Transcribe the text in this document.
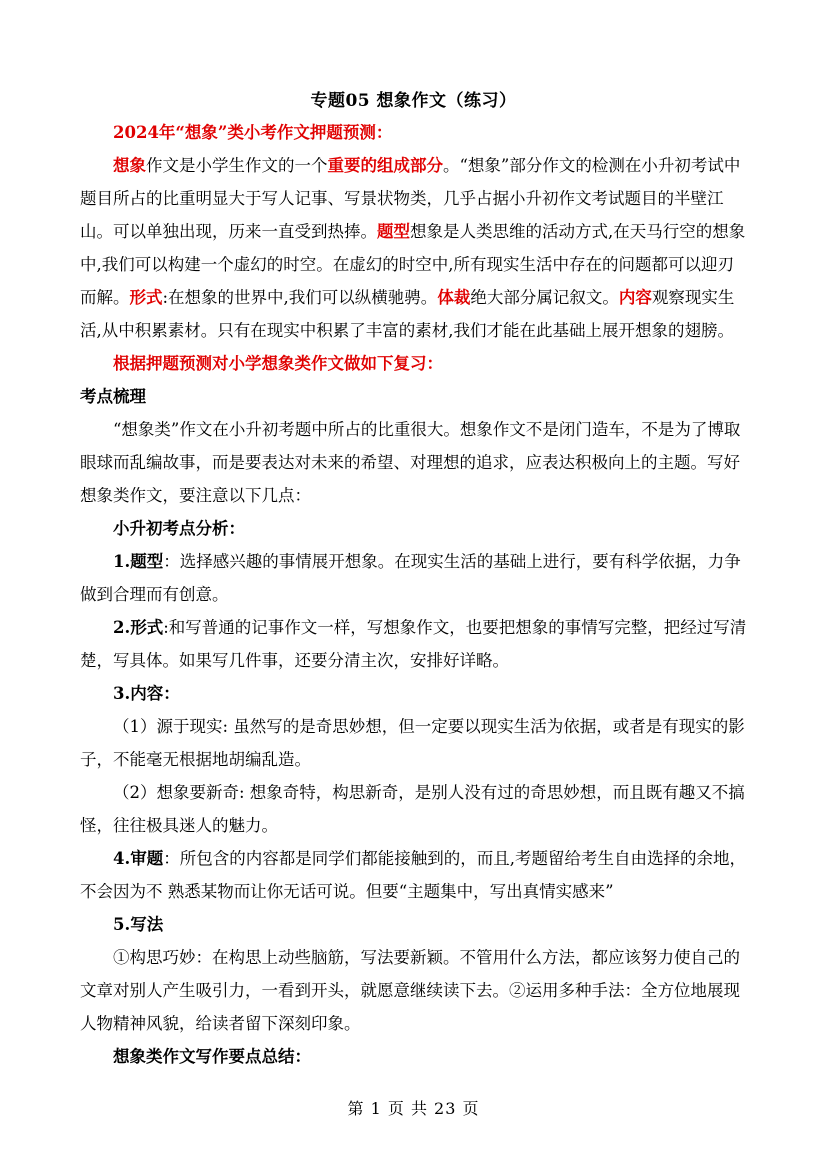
专题05 想象作文（练习）

2024年“想象”类小考作文押题预测：

想象作文是小学生作文的一个重要的组成部分。“想象”部分作文的检测在小升初考试中题目所占的比重明显大于写人记事、写景状物类，几乎占据小升初作文考试题目的半壁江山。可以单独出现，历来一直受到热捧。题型想象是人类思维的活动方式,在天马行空的想象中,我们可以构建一个虚幻的时空。在虚幻的时空中,所有现实生活中存在的问题都可以迎刃而解。形式:在想象的世界中,我们可以纵横驰骋。体裁绝大部分属记叙文。内容观察现实生活,从中积累素材。只有在现实中积累了丰富的素材,我们才能在此基础上展开想象的翅膀。

根据押题预测对小学想象类作文做如下复习：

考点梳理

“想象类”作文在小升初考题中所占的比重很大。想象作文不是闭门造车，不是为了博取眼球而乱编故事，而是要表达对未来的希望、对理想的追求，应表达积极向上的主题。写好想象类作文，要注意以下几点：

小升初考点分析：

1.题型：选择感兴趣的事情展开想象。在现实生活的基础上进行，要有科学依据，力争做到合理而有创意。

2.形式:和写普通的记事作文一样，写想象作文，也要把想象的事情写完整，把经过写清楚，写具体。如果写几件事，还要分清主次，安排好详略。

3.内容：

（1）源于现实: 虽然写的是奇思妙想，但一定要以现实生活为依据，或者是有现实的影子，不能毫无根据地胡编乱造。

（2）想象要新奇: 想象奇特，构思新奇，是别人没有过的奇思妙想，而且既有趣又不搞怪，往往极具迷人的魅力。

4.审题：所包含的内容都是同学们都能接触到的，而且,考题留给考生自由选择的余地，不会因为不 熟悉某物而让你无话可说。但要“主题集中，写出真情实感来”

5.写法

①构思巧妙：在构思上动些脑筋，写法要新颖。不管用什么方法，都应该努力使自己的文章对别人产生吸引力，一看到开头，就愿意继续读下去。②运用多种手法：全方位地展现人物精神风貌，给读者留下深刻印象。

想象类作文写作要点总结：

第 1 页 共 23 页
